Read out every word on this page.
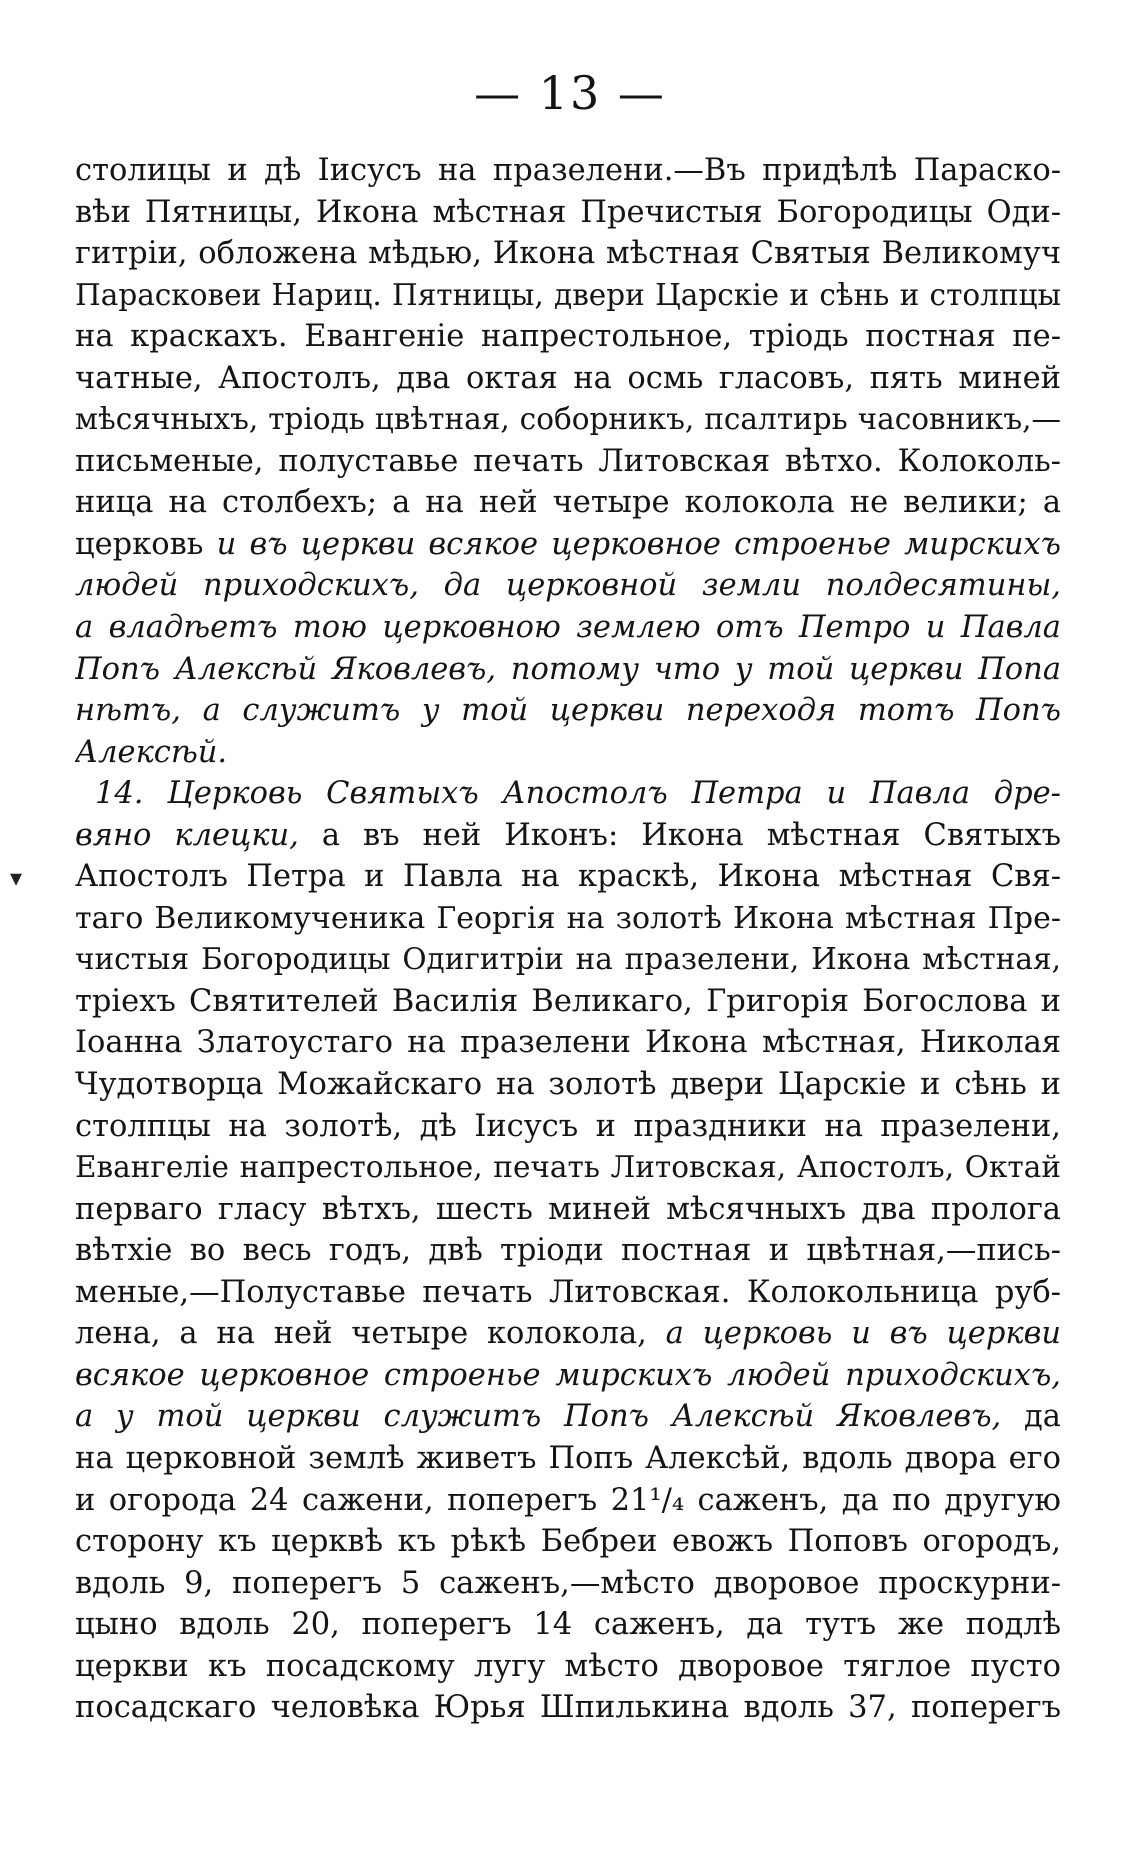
— 13 —
▾
столицы и дѣ Іисусъ на празелени.—Въ придѣлѣ Параско-
вѣи Пятницы, Икона мѣстная Пречистыя Богородицы Оди-
гитріи, обложена мѣдью, Икона мѣстная Святыя Великомуч
Парасковеи Нариц. Пятницы, двери Царскіе и сѣнь и столпцы
на краскахъ. Евангеніе напрестольное, тріодь постная пе-
чатные, Апостолъ, два октая на осмь гласовъ, пять миней
мѣсячныхъ, тріодь цвѣтная, соборникъ, псалтирь часовникъ,—
письменые, полуставье печать Литовская вѣтхо. Колоколь-
ница на столбехъ; а на ней четыре колокола не велики; а
церковь и въ церкви всякое церковное строенье мирскихъ
людей приходскихъ, да церковной земли полдесятины,
а владѣетъ тою церковною землею отъ Петро и Павла
Попъ Алексѣй Яковлевъ, потому что у той церкви Попа
нѣтъ, а служитъ у той церкви переходя тотъ Попъ
Алексѣй.
14. Церковь Святыхъ Апостолъ Петра и Павла дре-
вяно клецки, а въ ней Иконъ: Икона мѣстная Святыхъ
Апостолъ Петра и Павла на краскѣ, Икона мѣстная Свя-
таго Великомученика Георгія на золотѣ Икона мѣстная Пре-
чистыя Богородицы Одигитріи на празелени, Икона мѣстная,
тріехъ Святителей Василія Великаго, Григорія Богослова и
Іоанна Златоустаго на празелени Икона мѣстная, Николая
Чудотворца Можайскаго на золотѣ двери Царскіе и сѣнь и
столпцы на золотѣ, дѣ Іисусъ и праздники на празелени,
Евангеліе напрестольное, печать Литовская, Апостолъ, Октай
перваго гласу вѣтхъ, шесть миней мѣсячныхъ два пролога
вѣтхіе во весь годъ, двѣ тріоди постная и цвѣтная,—пись-
меные,—Полуставье печать Литовская. Колокольница руб-
лена, а на ней четыре колокола, а церковь и въ церкви
всякое церковное строенье мирскихъ людей приходскихъ,
а у той церкви служитъ Попъ Алексѣй Яковлевъ, да
на церковной землѣ живетъ Попъ Алексѣй, вдоль двора его
и огорода 24 сажени, поперегъ 21¹/₄ саженъ, да по другую
сторону къ церквѣ къ рѣкѣ Бебреи евожъ Поповъ огородъ,
вдоль 9, поперегъ 5 саженъ,—мѣсто дворовое проскурни-
цыно вдоль 20, поперегъ 14 саженъ, да тутъ же подлѣ
церкви къ посадскому лугу мѣсто дворовое тяглое пусто
посадскаго человѣка Юрья Шпилькина вдоль 37, поперегъ
